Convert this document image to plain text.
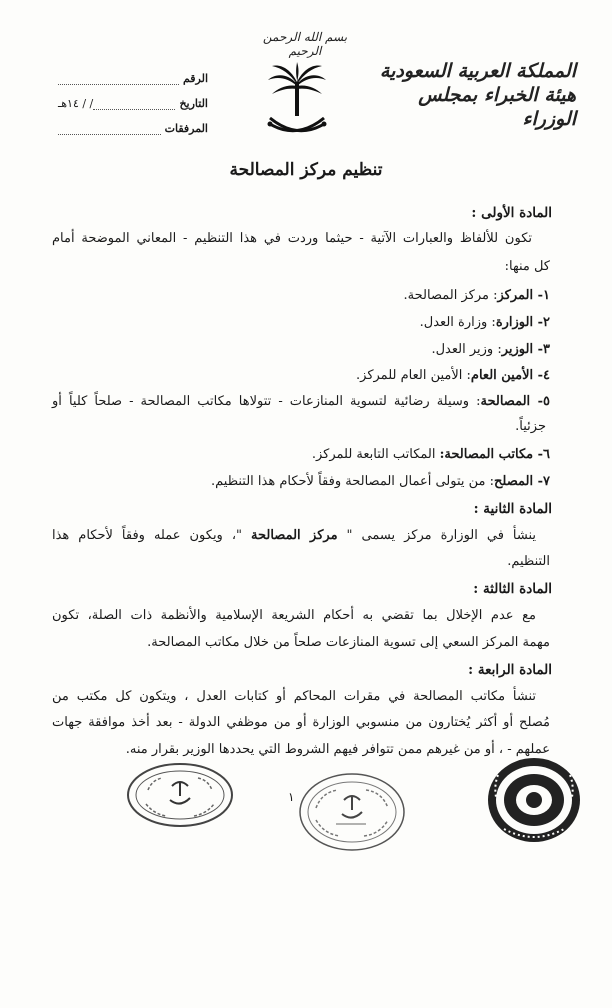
بسم الله الرحمن الرحيم
المملكة العربية السعودية
هيئة الخبراء بمجلس الوزراء
الرقم
التاريخ
/ / ١٤هـ
المرفقات
تنظيم مركز المصالحة
المادة الأولى :
تكون للألفاظ والعبارات الآتية - حيثما وردت في هذا التنظيم - المعاني الموضحة أمام
كل منها:
١- المركز: مركز المصالحة.
٢- الوزارة: وزارة العدل.
٣- الوزير: وزير العدل.
٤- الأمين العام: الأمين العام للمركز.
٥- المصالحة: وسيلة رضائية لتسوية المنازعات - تتولاها مكاتب المصالحة - صلحاً كلياً أو
جزئياً.
٦- مكاتب المصالحة: المكاتب التابعة للمركز.
٧- المصلح: من يتولى أعمال المصالحة وفقاً لأحكام هذا التنظيم.
المادة الثانية :
ينشأ في الوزارة مركز يسمى " مركز المصالحة "، ويكون عمله وفقاً لأحكام هذا
التنظيم.
المادة الثالثة :
مع عدم الإخلال بما تقضي به أحكام الشريعة الإسلامية والأنظمة ذات الصلة، تكون
مهمة المركز السعي إلى تسوية المنازعات صلحاً من خلال مكاتب المصالحة.
المادة الرابعة :
تنشأ مكاتب المصالحة في مقرات المحاكم أو كتابات العدل ، ويتكون كل مكتب من
مُصلح أو أكثر يُختارون من منسوبي الوزارة أو من موظفي الدولة - بعد أخذ موافقة جهات
عملهم - ، أو من غيرهم ممن تتوافر فيهم الشروط التي يحددها الوزير بقرار منه.
١
